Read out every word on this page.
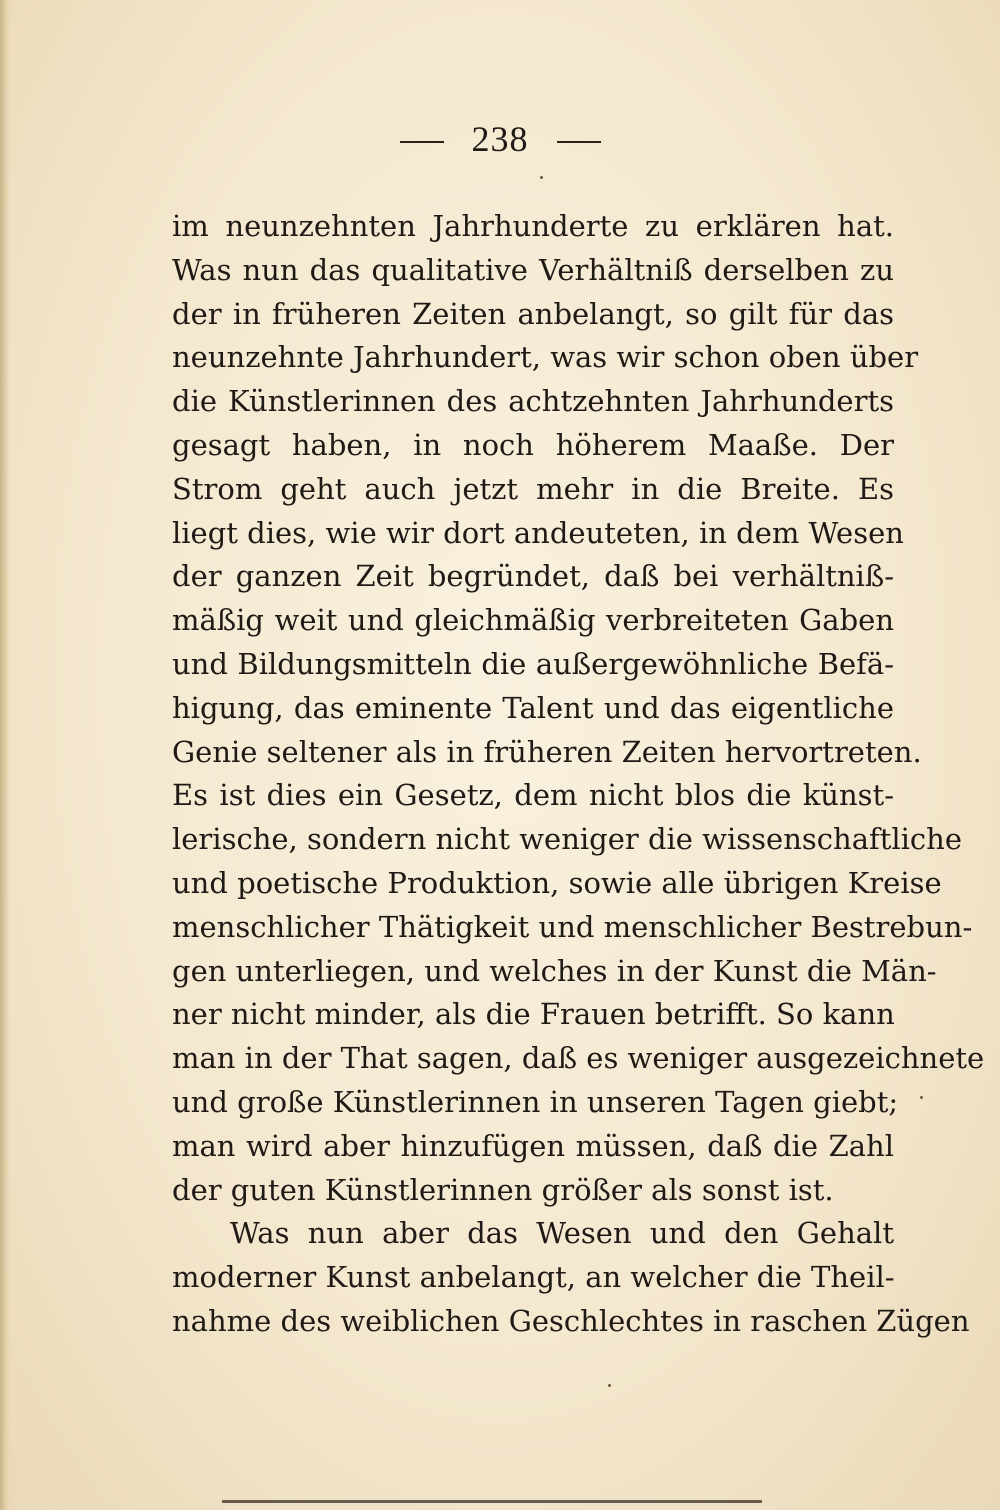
238
im neunzehnten Jahrhunderte zu erklären hat.
Was nun das qualitative Verhältniß derselben zu
der in früheren Zeiten anbelangt, so gilt für das
neunzehnte Jahrhundert, was wir schon oben über
die Künstlerinnen des achtzehnten Jahrhunderts
gesagt haben, in noch höherem Maaße. Der
Strom geht auch jetzt mehr in die Breite. Es
liegt dies, wie wir dort andeuteten, in dem Wesen
der ganzen Zeit begründet, daß bei verhältniß-
mäßig weit und gleichmäßig verbreiteten Gaben
und Bildungsmitteln die außergewöhnliche Befä-
higung, das eminente Talent und das eigentliche
Genie seltener als in früheren Zeiten hervortreten.
Es ist dies ein Gesetz, dem nicht blos die künst-
lerische, sondern nicht weniger die wissenschaftliche
und poetische Produktion, sowie alle übrigen Kreise
menschlicher Thätigkeit und menschlicher Bestrebun-
gen unterliegen, und welches in der Kunst die Män-
ner nicht minder, als die Frauen betrifft. So kann
man in der That sagen, daß es weniger ausgezeichnete
und große Künstlerinnen in unseren Tagen giebt;
man wird aber hinzufügen müssen, daß die Zahl
der guten Künstlerinnen größer als sonst ist.
Was nun aber das Wesen und den Gehalt
moderner Kunst anbelangt, an welcher die Theil-
nahme des weiblichen Geschlechtes in raschen Zügen
